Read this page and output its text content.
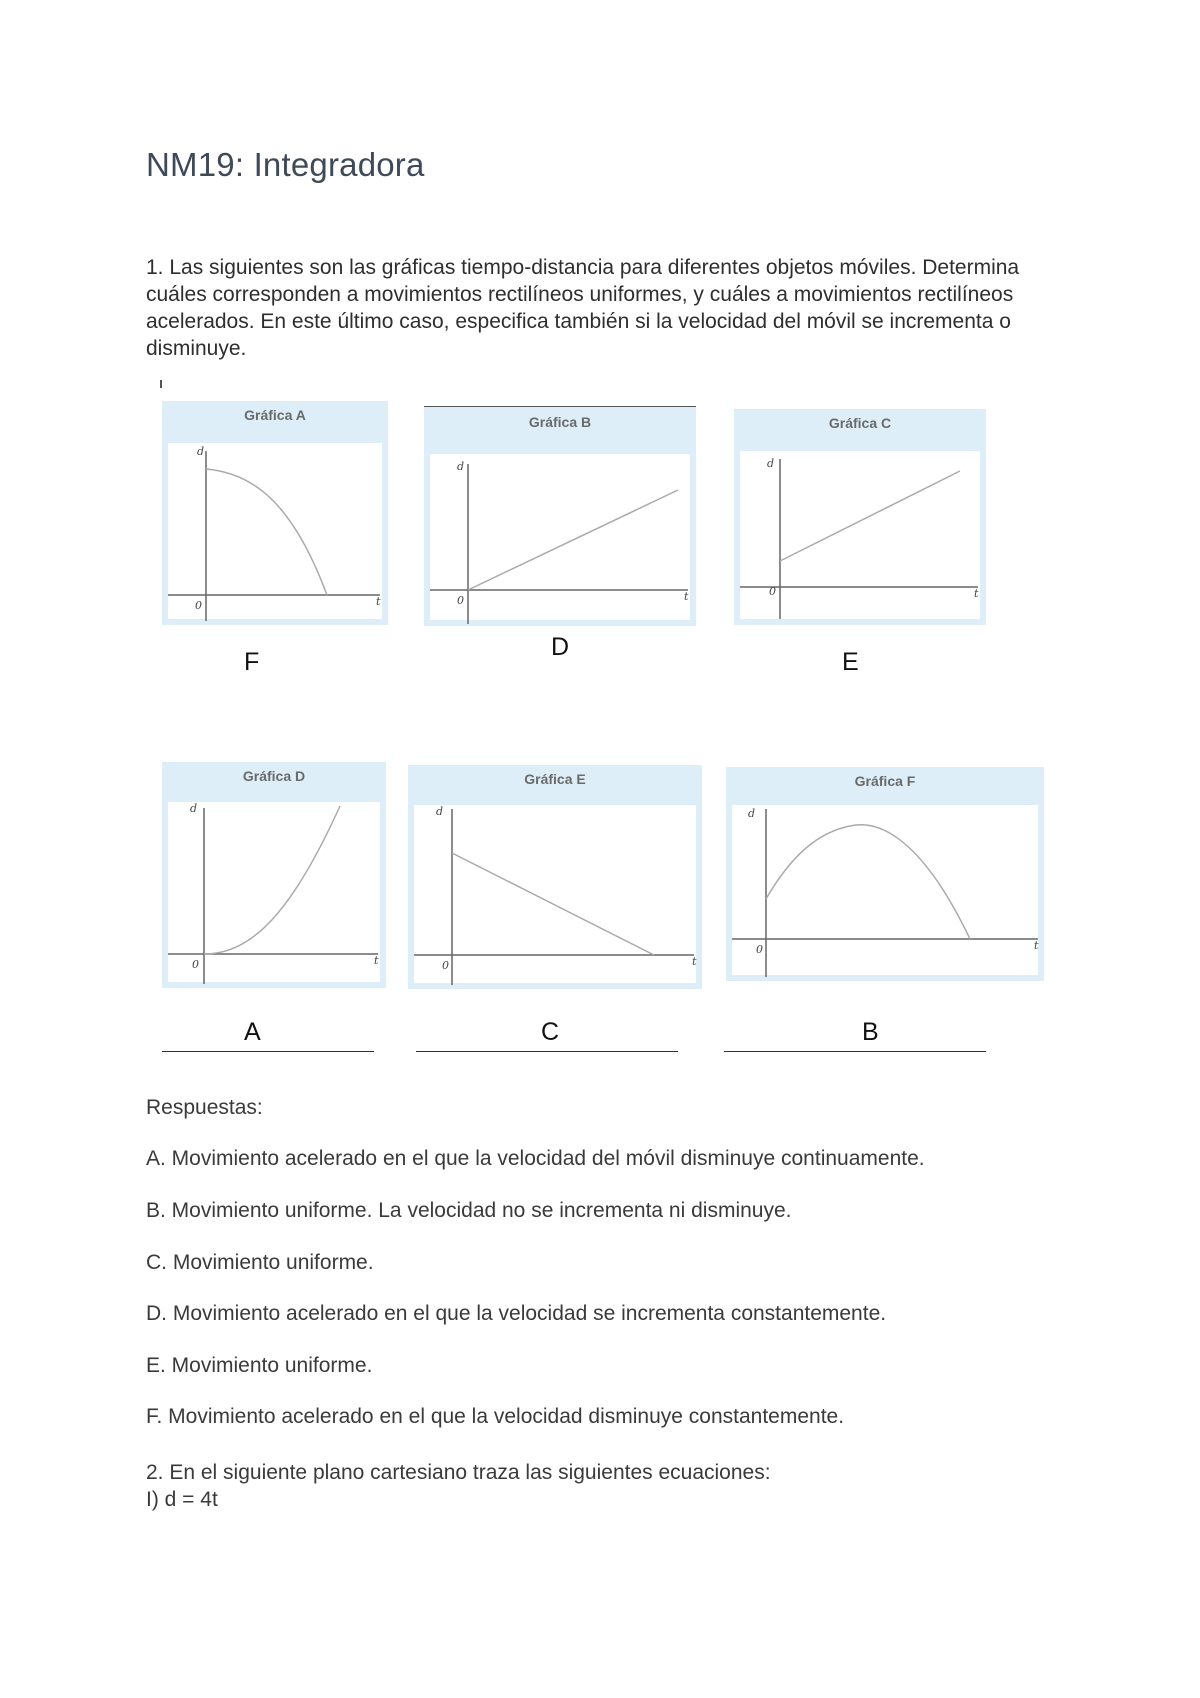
NM19: Integradora
1. Las siguientes son las gráficas tiempo-distancia para diferentes objetos móviles. Determina cuáles corresponden a movimientos rectilíneos uniformes, y cuáles a movimientos rectilíneos acelerados. En este último caso, especifica también si la velocidad del móvil se incrementa o disminuye.
Gráfica A
d
t
0
Gráfica B
d
t
0
Gráfica C
d
t
0
F
D
E
Gráfica D
d
t
0
Gráfica E
d
t
0
Gráfica F
d
t
0
A	C	B
Respuestas:
A. Movimiento acelerado en el que la velocidad del móvil disminuye continuamente.
B. Movimiento uniforme. La velocidad no se incrementa ni disminuye.
C. Movimiento uniforme.
D. Movimiento acelerado en el que la velocidad se incrementa constantemente.
E. Movimiento uniforme.
F. Movimiento acelerado en el que la velocidad disminuye constantemente.
2. En el siguiente plano cartesiano traza las siguientes ecuaciones:
I) d = 4t
